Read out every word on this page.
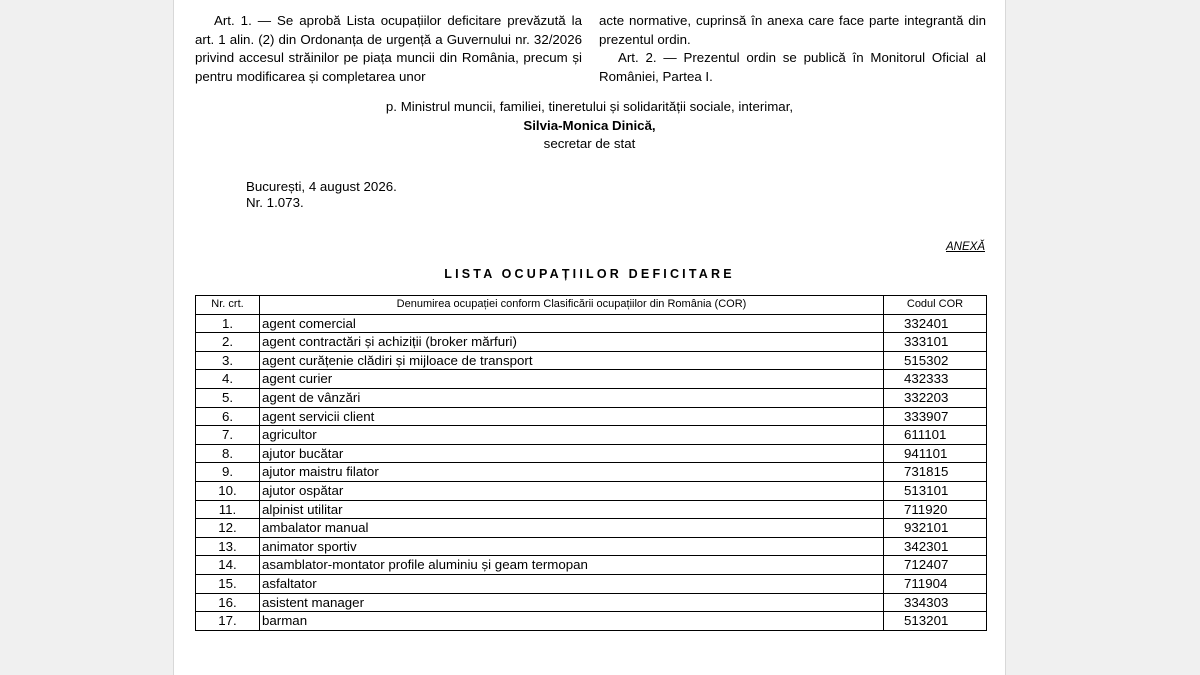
Art. 1. — Se aprobă Lista ocupațiilor deficitare prevăzută la art. 1 alin. (2) din Ordonanța de urgență a Guvernului nr. 32/2026 privind accesul străinilor pe piața muncii din România, precum și pentru modificarea și completarea unor

acte normative, cuprinsă în anexa care face parte integrantă din prezentul ordin.

Art. 2. — Prezentul ordin se publică în Monitorul Oficial al României, Partea I.

p. Ministrul muncii, familiei, tineretului și solidarității sociale, interimar,
Silvia-Monica Dinică,
secretar de stat
București, 4 august 2026.
Nr. 1.073.
ANEXĂ
LISTA OCUPAȚIILOR DEFICITARE
Nr. crt.	Denumirea ocupației conform Clasificării ocupațiilor din România (COR)	Codul COR
1.	agent comercial	332401
2.	agent contractări și achiziții (broker mărfuri)	333101
3.	agent curățenie clădiri și mijloace de transport	515302
4.	agent curier	432333
5.	agent de vânzări	332203
6.	agent servicii client	333907
7.	agricultor	611101
8.	ajutor bucătar	941101
9.	ajutor maistru filator	731815
10.	ajutor ospătar	513101
11.	alpinist utilitar	711920
12.	ambalator manual	932101
13.	animator sportiv	342301
14.	asamblator-montator profile aluminiu și geam termopan	712407
15.	asfaltator	711904
16.	asistent manager	334303
17.	barman	513201
